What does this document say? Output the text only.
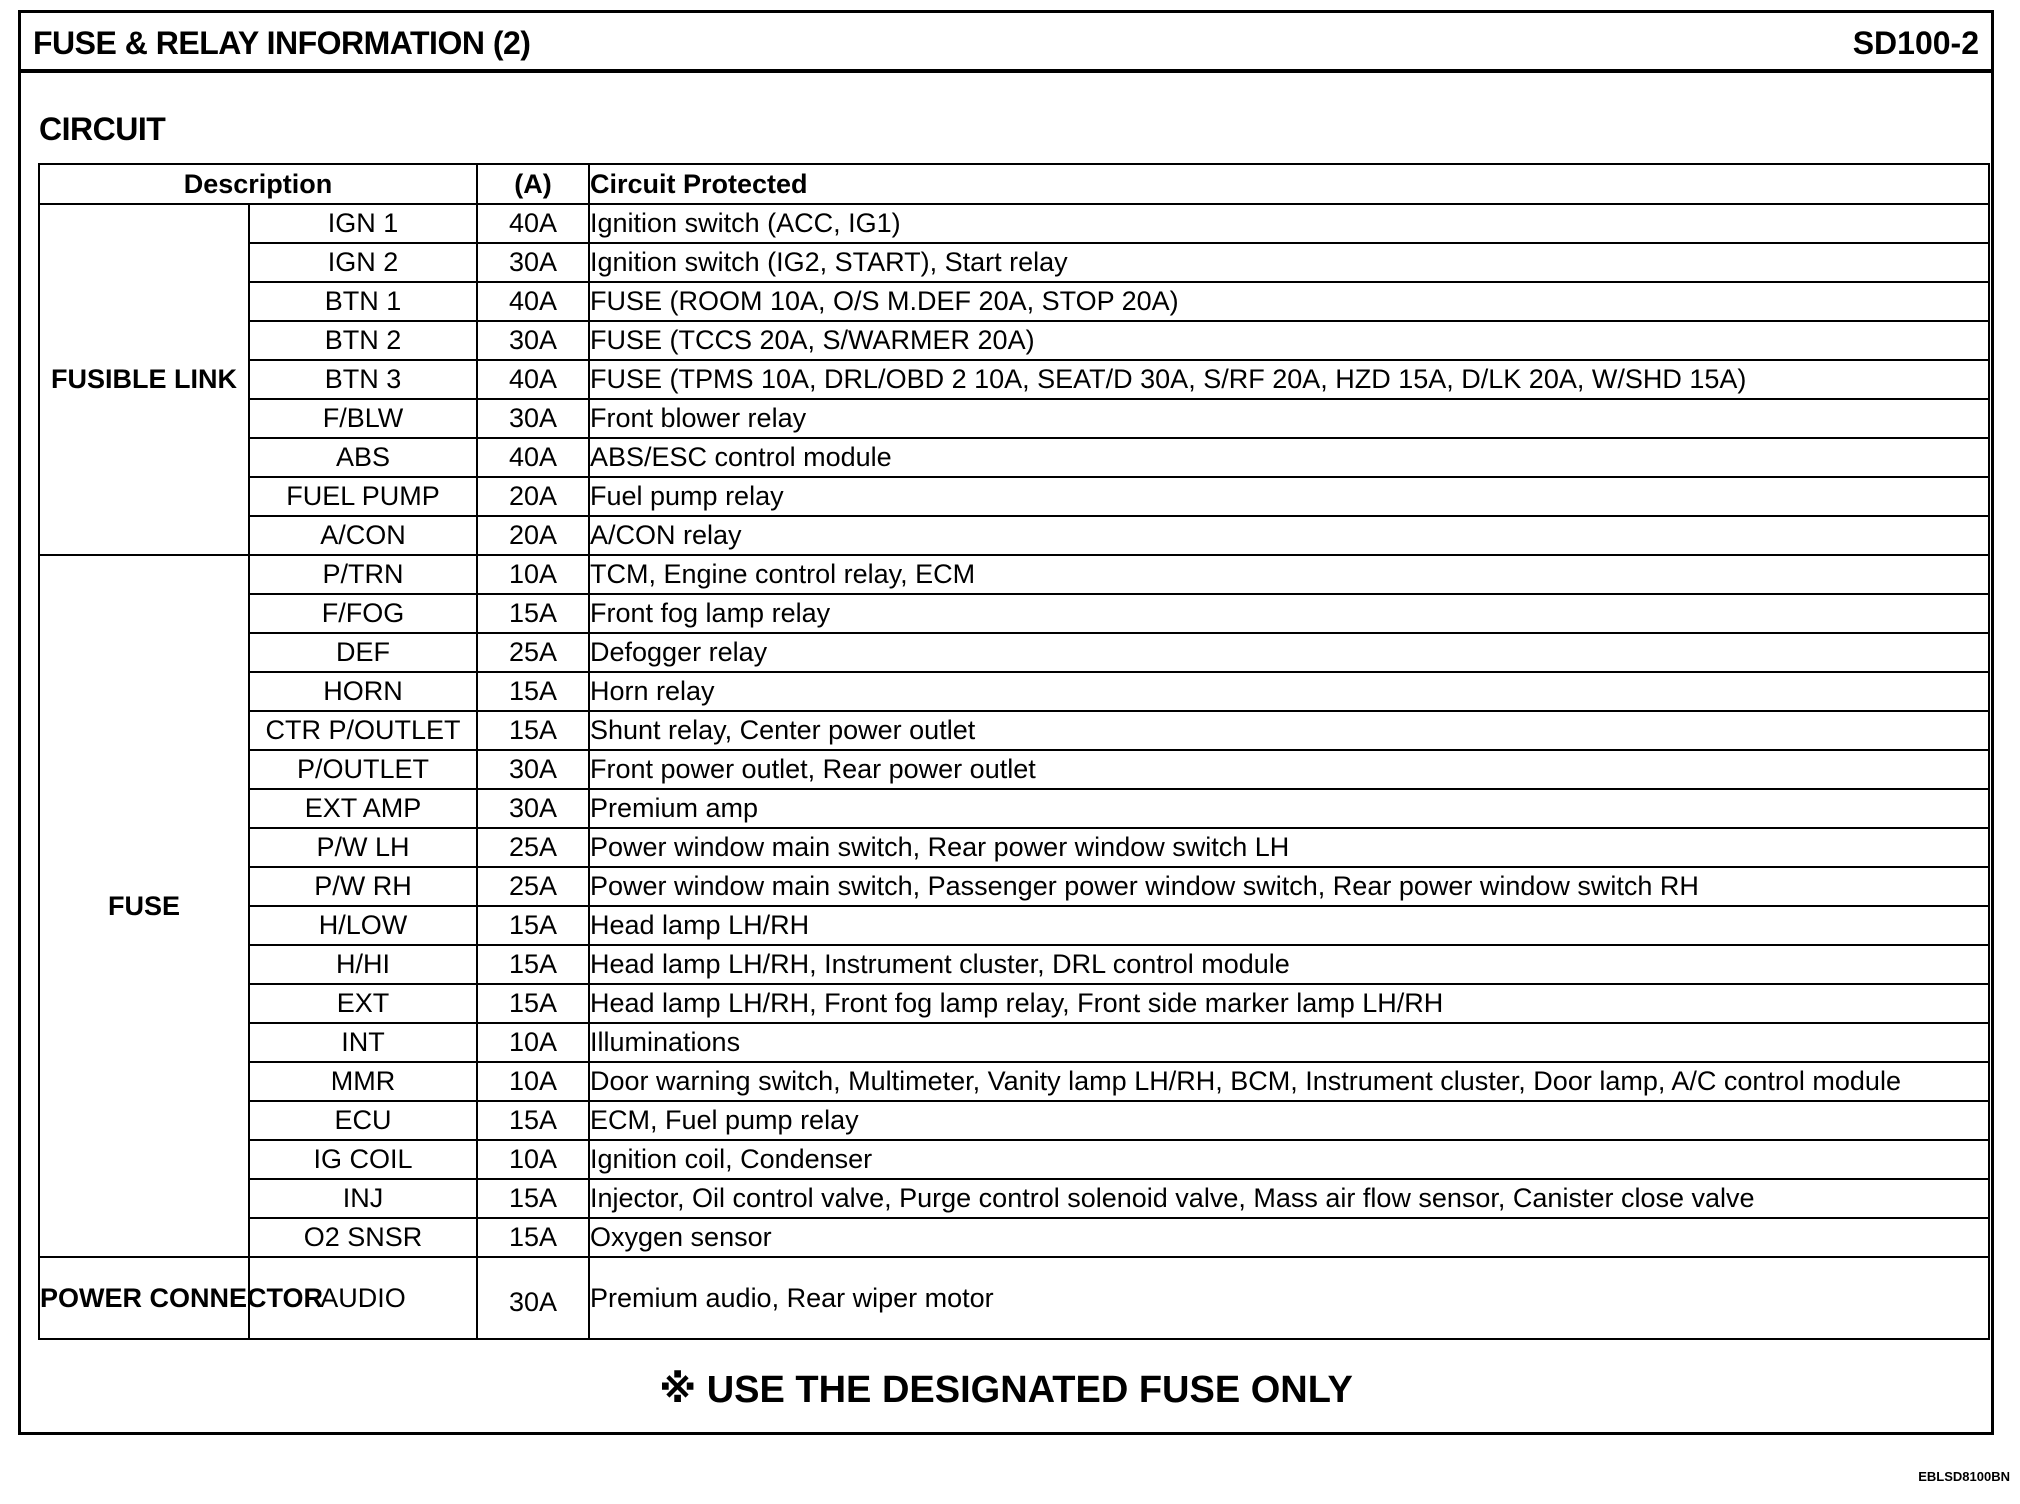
FUSE & RELAY INFORMATION (2)	SD100-2
CIRCUIT
Description		(A)	Circuit Protected
FUSIBLE LINK	IGN 1	40A	Ignition switch (ACC, IG1)
	IGN 2	30A	Ignition switch (IG2, START), Start relay
	BTN 1	40A	FUSE (ROOM 10A, O/S M.DEF 20A, STOP 20A)
	BTN 2	30A	FUSE (TCCS 20A, S/WARMER 20A)
	BTN 3	40A	FUSE (TPMS 10A, DRL/OBD 2 10A, SEAT/D 30A, S/RF 20A, HZD 15A, D/LK 20A, W/SHD 15A)
	F/BLW	30A	Front blower relay
	ABS	40A	ABS/ESC control module
	FUEL PUMP	20A	Fuel pump relay
	A/CON	20A	A/CON relay
FUSE	P/TRN	10A	TCM, Engine control relay, ECM
	F/FOG	15A	Front fog lamp relay
	DEF	25A	Defogger relay
	HORN	15A	Horn relay
	CTR P/OUTLET	15A	Shunt relay, Center power outlet
	P/OUTLET	30A	Front power outlet, Rear power outlet
	EXT AMP	30A	Premium amp
	P/W LH	25A	Power window main switch, Rear power window switch LH
	P/W RH	25A	Power window main switch, Passenger power window switch, Rear power window switch RH
	H/LOW	15A	Head lamp LH/RH
	H/HI	15A	Head lamp LH/RH, Instrument cluster, DRL control module
	EXT	15A	Head lamp LH/RH, Front fog lamp relay, Front side marker lamp LH/RH
	INT	10A	Illuminations
	MMR	10A	Door warning switch, Multimeter, Vanity lamp LH/RH, BCM, Instrument cluster, Door lamp, A/C control module
	ECU	15A	ECM, Fuel pump relay
	IG COIL	10A	Ignition coil, Condenser
	INJ	15A	Injector, Oil control valve, Purge control solenoid valve, Mass air flow sensor, Canister close valve
	O2 SNSR	15A	Oxygen sensor
POWER CONNECTOR	AUDIO	30A	Premium audio, Rear wiper motor
※ USE THE DESIGNATED FUSE ONLY
EBLSD8100BN
